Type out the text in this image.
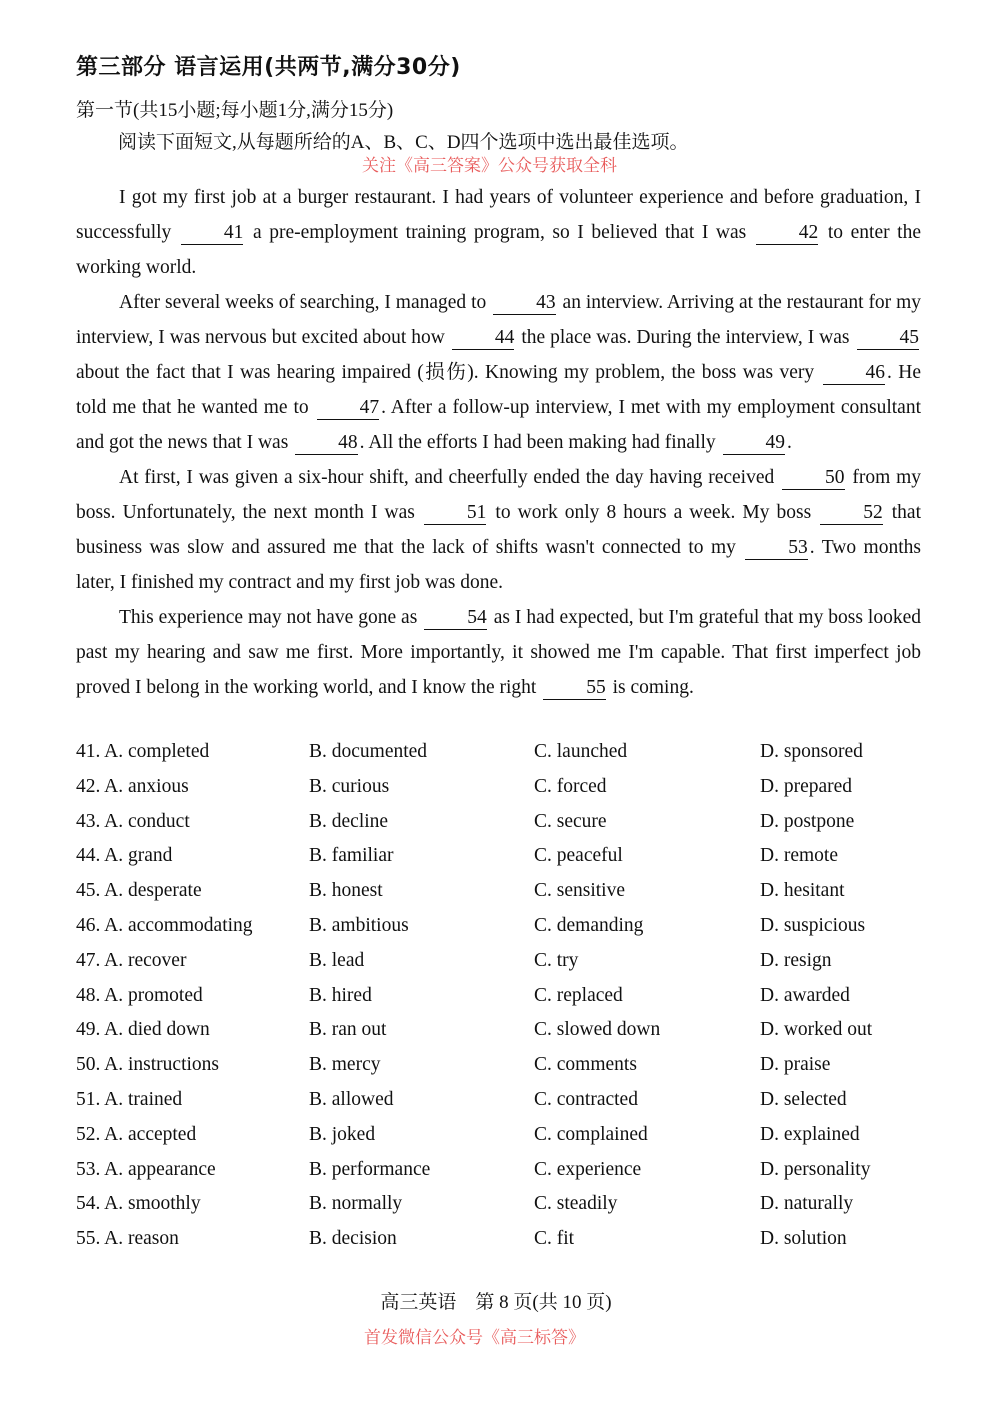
第三部分 语言运用(共两节,满分30分)
第一节(共15小题;每小题1分,满分15分)
阅读下面短文,从每题所给的A、B、C、D四个选项中选出最佳选项。
关注《高三答案》公众号获取全科

I got my first job at a burger restaurant. I had years of volunteer experience and before graduation, I successfully 41 a pre-employment training program, so I believed that I was 42 to enter the working world.

After several weeks of searching, I managed to 43 an interview. Arriving at the restaurant for my interview, I was nervous but excited about how 44 the place was. During the interview, I was 45 about the fact that I was hearing impaired (损伤). Knowing my problem, the boss was very 46 . He told me that he wanted me to 47 . After a follow-up interview, I met with my employment consultant and got the news that I was 48 . All the efforts I had been making had finally 49 .

At first, I was given a six-hour shift, and cheerfully ended the day having received 50 from my boss. Unfortunately, the next month I was 51 to work only 8 hours a week. My boss 52 that business was slow and assured me that the lack of shifts wasn't connected to my 53 . Two months later, I finished my contract and my first job was done.

This experience may not have gone as 54 as I had expected, but I'm grateful that my boss looked past my hearing and saw me first. More importantly, it showed me I'm capable. That first imperfect job proved I belong in the working world, and I know the right 55 is coming.

41. A. completed	B. documented	C. launched	D. sponsored
42. A. anxious	B. curious	C. forced	D. prepared
43. A. conduct	B. decline	C. secure	D. postpone
44. A. grand	B. familiar	C. peaceful	D. remote
45. A. desperate	B. honest	C. sensitive	D. hesitant
46. A. accommodating	B. ambitious	C. demanding	D. suspicious
47. A. recover	B. lead	C. try	D. resign
48. A. promoted	B. hired	C. replaced	D. awarded
49. A. died down	B. ran out	C. slowed down	D. worked out
50. A. instructions	B. mercy	C. comments	D. praise
51. A. trained	B. allowed	C. contracted	D. selected
52. A. accepted	B. joked	C. complained	D. explained
53. A. appearance	B. performance	C. experience	D. personality
54. A. smoothly	B. normally	C. steadily	D. naturally
55. A. reason	B. decision	C. fit	D. solution
高三英语　第 8 页(共 10 页)
首发微信公众号《高三标答》
